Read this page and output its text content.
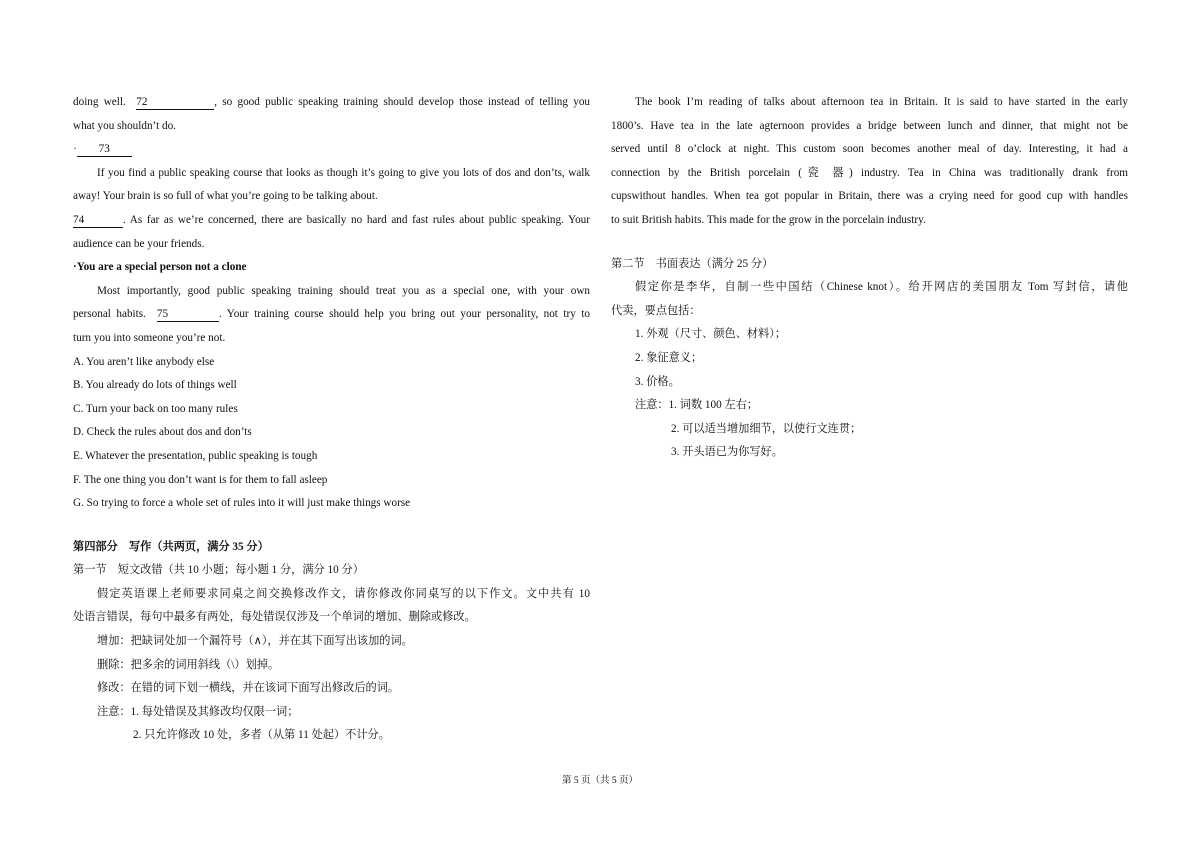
doing well. 72	, so good public speaking training should develop those instead of telling you
what you shouldn’t do.
· 73
If you find a public speaking course that looks as though it’s going to give you lots of dos and don’ts, walk
away! Your brain is so full of what you’re going to be talking about.
74	. As far as we’re concerned, there are basically no hard and fast rules about public speaking. Your
audience can be your friends.
·You are a special person not a clone
Most importantly, good public speaking training should treat you as a special one, with your own
personal habits. 75	. Your training course should help you bring out your personality, not try to
turn you into someone you’re not.
A. You aren’t like anybody else
B. You already do lots of things well
C. Turn your back on too many rules
D. Check the rules about dos and don’ts
E. Whatever the presentation, public speaking is tough
F. The one thing you don’t want is for them to fall asleep
G. So trying to force a whole set of rules into it will just make things worse
第四部分　写作（共两页，满分 35 分）
第一节　短文改错（共 10 小题；每小题 1 分，满分 10 分）
假定英语课上老师要求同桌之间交换修改作文，请你修改你同桌写的以下作文。文中共有 10
处语言错误，每句中最多有两处，每处错误仅涉及一个单词的增加、删除或修改。
增加：把缺词处加一个漏符号（∧），并在其下面写出该加的词。
删除：把多余的词用斜线（\）划掉。
修改：在错的词下划一横线，并在该词下面写出修改后的词。
注意：1. 每处错误及其修改均仅限一词；
2. 只允许修改 10 处，多者（从第 11 处起）不计分。
The book I’m reading of talks about afternoon tea in Britain. It is said to have started in the early
1800’s. Have tea in the late agternoon provides a bridge between lunch and dinner, that might not be
served until 8 o’clock at night. This custom soon becomes another meal of day. Interesting, it had a
connection by the British porcelain (瓷 器) industry. Tea in China was traditionally drank from
cupswithout handles. When tea got popular in Britain, there was a crying need for good cup with handles
to suit British habits. This made for the grow in the porcelain industry.
第二节　书面表达（满分 25 分）
假定你是李华，自制一些中国结（Chinese knot）。给开网店的美国朋友 Tom 写封信，请他
代卖，要点包括：
1. 外观（尺寸、颜色、材料）；
2. 象征意义；
3. 价格。
注意：1. 词数 100 左右；
2. 可以适当增加细节，以使行文连贯；
3. 开头语已为你写好。
第 5 页（共 5 页）
